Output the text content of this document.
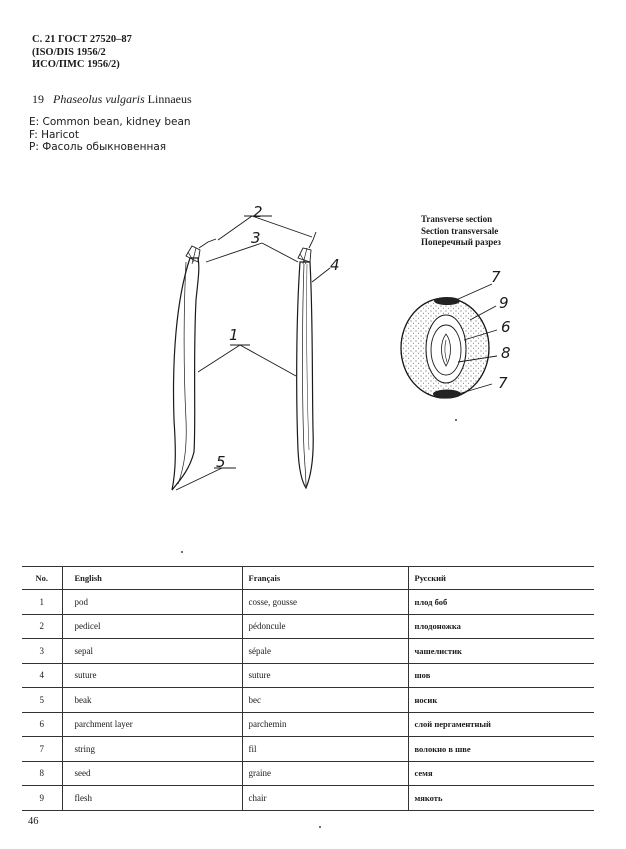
С. 21 ГОСТ 27520–87
(ISO/DIS 1956/2
ИСО/ПМС 1956/2)
19 Phaseolus vulgaris Linnaeus
E: Common bean, kidney bean
F: Haricot
Р: Фасоль обыкновенная
Transverse section
Section transversale
Поперечный разрез
2
3
4
1
5
7
9
6
8
7
No.	English	Français	Русский
1	pod	cosse, gousse	плод боб
2	pedicel	pédoncule	плодоножка
3	sepal	sépale	чашелистик
4	suture	suture	шов
5	beak	bec	носик
6	parchment layer	parchemin	слой пергаментный
7	string	fil	волокно в шве
8	seed	graine	семя
9	flesh	chair	мякоть
46
